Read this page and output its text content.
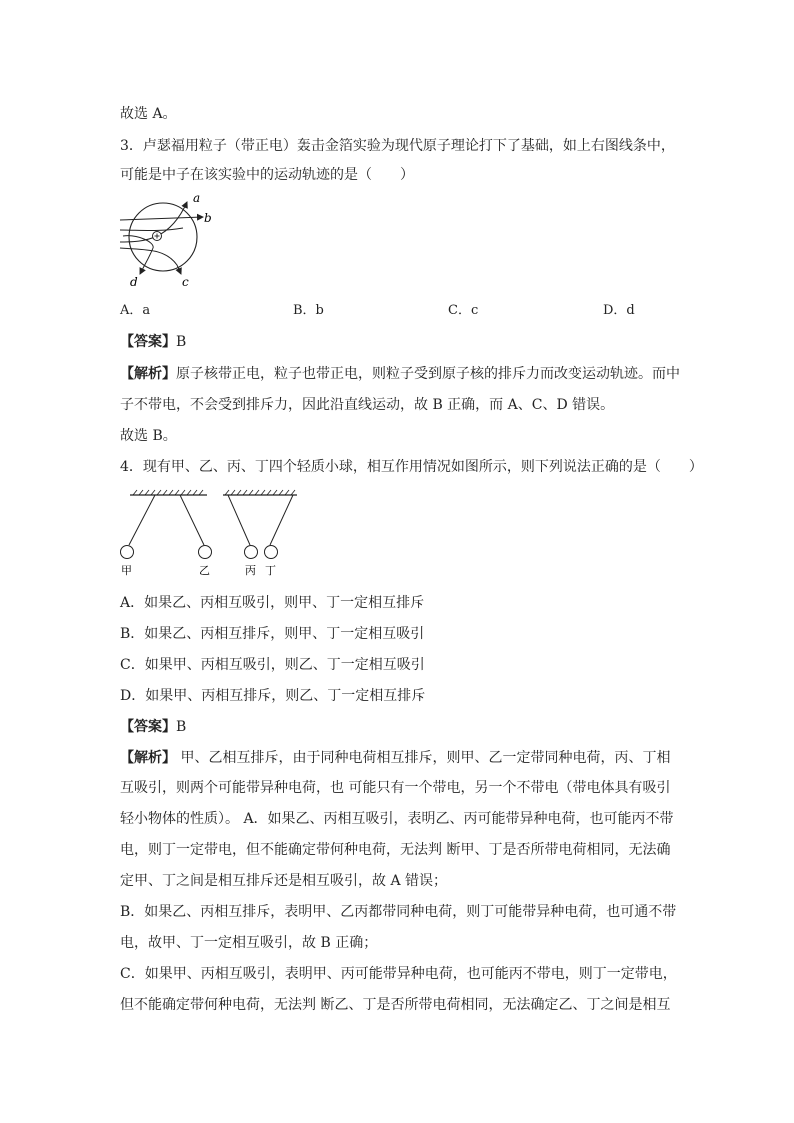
故选 A。
3．卢瑟福用粒子（带正电）轰击金箔实验为现代原子理论打下了基础，如上右图线条中，
可能是中子在该实验中的运动轨迹的是（　　）
a
b
c
d
A．a	B．b	C．c	D．d
【答案】B
【解析】原子核带正电，粒子也带正电，则粒子受到原子核的排斥力而改变运动轨迹。而中
子不带电，不会受到排斥力，因此沿直线运动，故 B 正确，而 A、C、D 错误。
故选 B。
4．现有甲、乙、丙、丁四个轻质小球，相互作用情况如图所示，则下列说法正确的是（　　）
甲	乙	丙 丁
A．如果乙、丙相互吸引，则甲、丁一定相互排斥
B．如果乙、丙相互排斥，则甲、丁一定相互吸引
C．如果甲、丙相互吸引，则乙、丁一定相互吸引
D．如果甲、丙相互排斥，则乙、丁一定相互排斥
【答案】B
【解析】 甲、乙相互排斥，由于同种电荷相互排斥，则甲、乙一定带同种电荷，丙、丁相
互吸引，则两个可能带异种电荷，也 可能只有一个带电，另一个不带电（带电体具有吸引
轻小物体的性质）。 A．如果乙、丙相互吸引，表明乙、丙可能带异种电荷，也可能丙不带
电，则丁一定带电，但不能确定带何种电荷，无法判 断甲、丁是否所带电荷相同，无法确
定甲、丁之间是相互排斥还是相互吸引，故 A 错误；
B．如果乙、丙相互排斥，表明甲、乙丙都带同种电荷，则丁可能带异种电荷，也可通不带
电，故甲、丁一定相互吸引，故 B 正确；
C．如果甲、丙相互吸引，表明甲、丙可能带异种电荷，也可能丙不带电，则丁一定带电，
但不能确定带何种电荷，无法判 断乙、丁是否所带电荷相同，无法确定乙、丁之间是相互
